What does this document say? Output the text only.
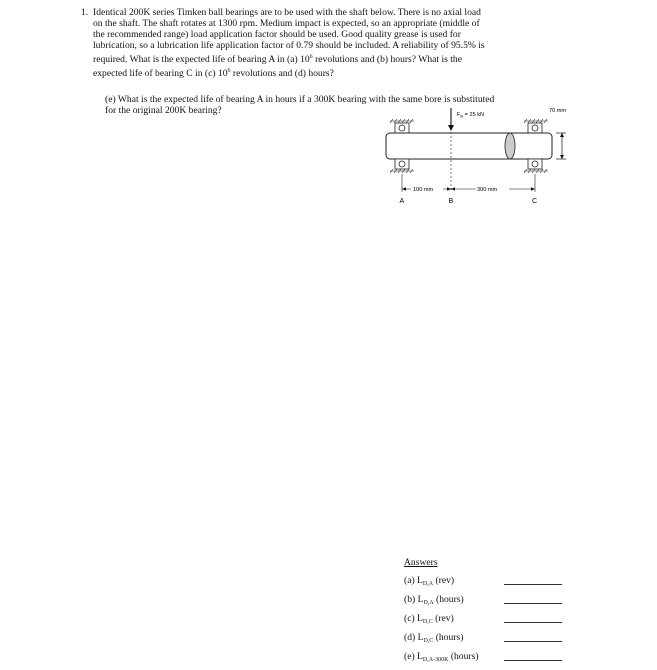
1. Identical 200K series Timken ball bearings are to be used with the shaft below. There is no axial load
on the shaft. The shaft rotates at 1300 rpm. Medium impact is expected, so an appropriate (middle of
the recommended range) load application factor should be used. Good quality grease is used for
lubrication, so a lubrication life application factor of 0.79 should be included. A reliability of 95.5% is
required. What is the expected life of bearing A in (a) $10^6$ revolutions and (b) hours? What is the
expected life of bearing C in (c) $10^6$ revolutions and (d) hours?
(e) What is the expected life of bearing A in hours if a 300K bearing with the same bore is substituted
for the original 200K bearing?	$F_B = 25$ kN
70 mm
100 mm	300 mm
A	B	C
Answers
(a) $L_{D,A}$ (rev)
(b) $L_{D,A}$ (hours)
(c) $L_{D,C}$ (rev)
(d) $L_{D,C}$ (hours)
(e) $L_{D,A-300K}$ (hours)
